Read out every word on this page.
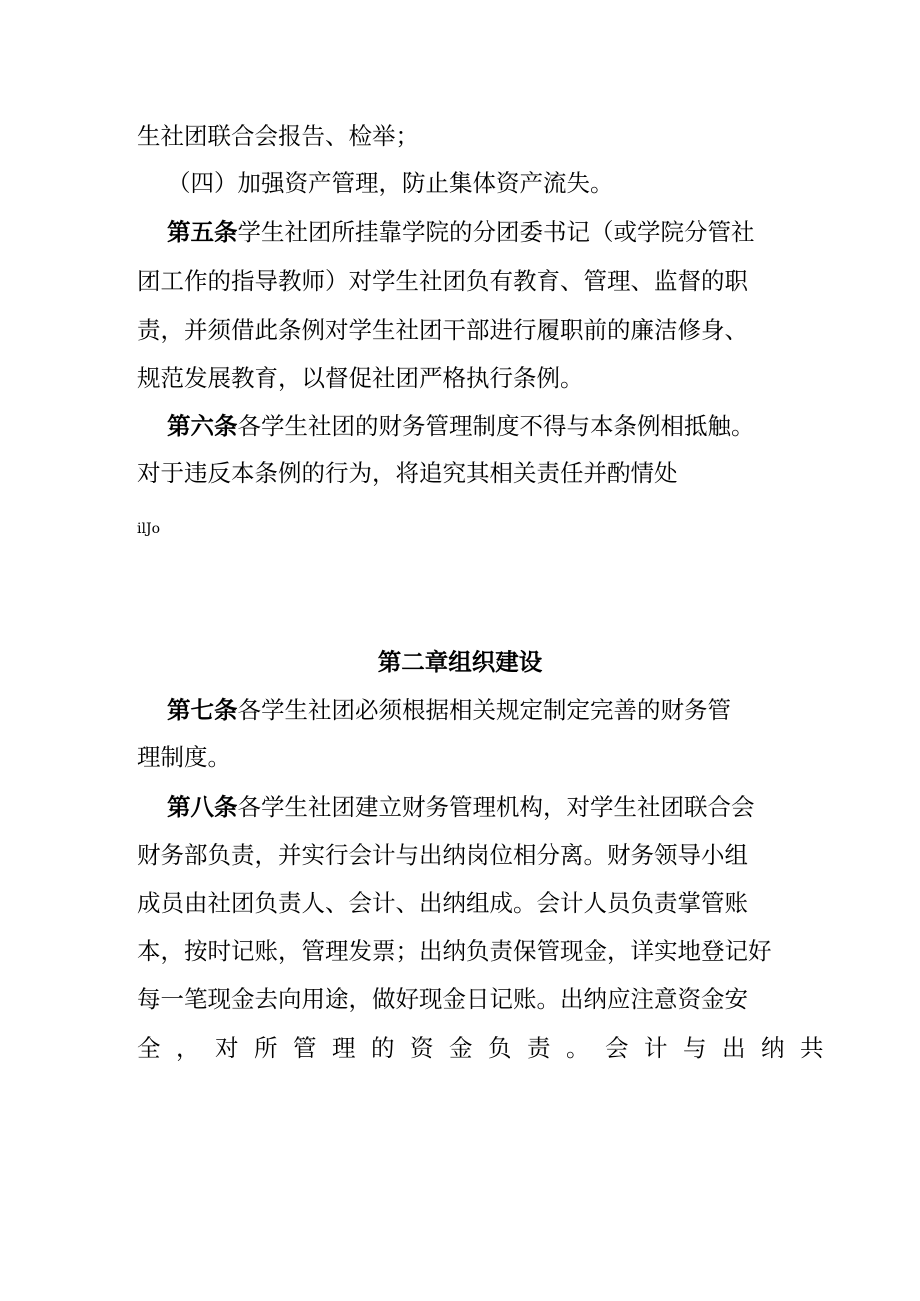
生社团联合会报告、检举；
（四）加强资产管理，防止集体资产流失。
第五条学生社团所挂靠学院的分团委书记（或学院分管社
团工作的指导教师）对学生社团负有教育、管理、监督的职
责，并须借此条例对学生社团干部进行履职前的廉洁修身、
规范发展教育，以督促社团严格执行条例。
第六条各学生社团的财务管理制度不得与本条例相抵触。
对于违反本条例的行为，将追究其相关责任并酌情处
ilJo
第二章组织建设
第七条各学生社团必须根据相关规定制定完善的财务管
理制度。
第八条各学生社团建立财务管理机构，对学生社团联合会
财务部负责，并实行会计与出纳岗位相分离。财务领导小组
成员由社团负责人、会计、出纳组成。会计人员负责掌管账
本，按时记账，管理发票；出纳负责保管现金，详实地登记好
每一笔现金去向用途，做好现金日记账。出纳应注意资金安
全，对所管理的资金负责。会计与出纳共
